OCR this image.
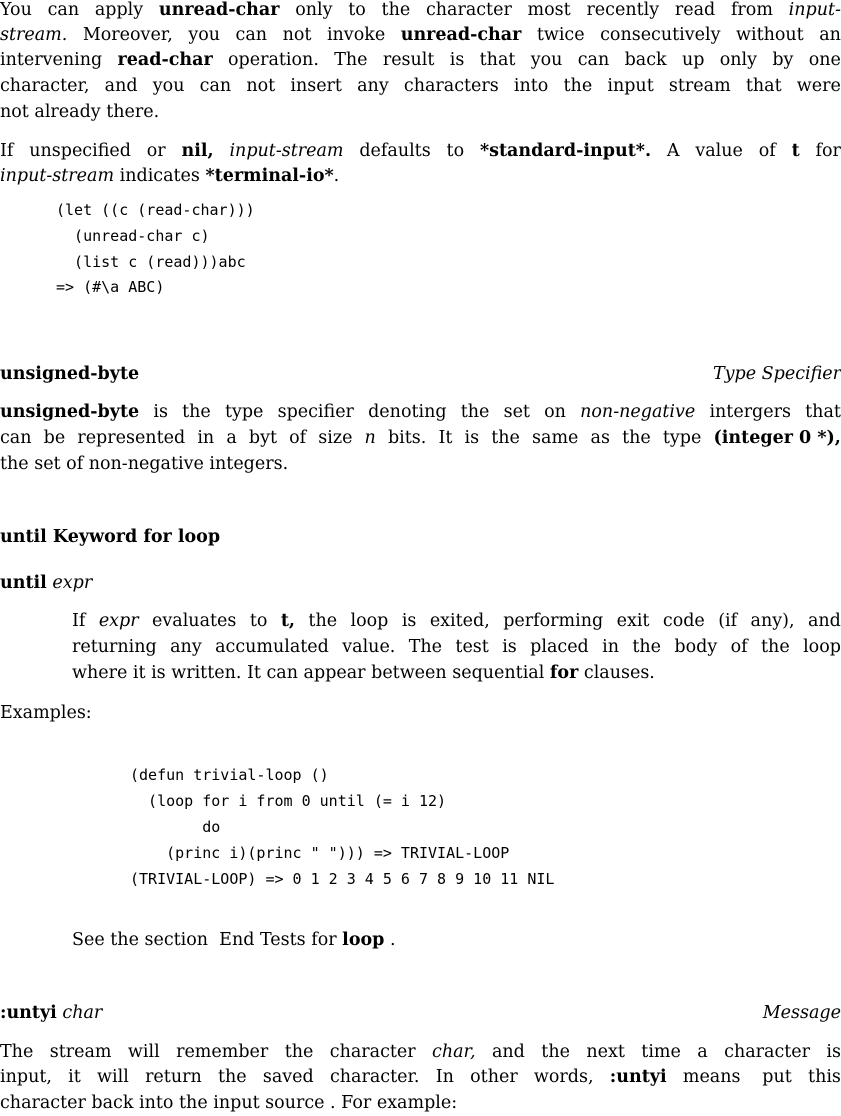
You can apply unread-char only to the character most recently read from input-
stream. Moreover, you can not invoke unread-char twice consecutively without an
intervening read-char operation. The result is that you can back up only by one
character, and you can not insert any characters into the input stream that were
not already there.
If unspecified or nil, input-stream defaults to *standard-input*. A value of t for
input-stream indicates *terminal-io*.
(let ((c (read-char)))
(unread-char c)
(list c (read)))abc
=> (#\a ABC)
unsigned-byte	Type Specifier
unsigned-byte is the type specifier denoting the set on non-negative intergers that
can be represented in a byt of size n bits. It is the same as the type (integer 0 *),
the set of non-negative integers.
until Keyword for loop
until expr
If expr evaluates to t, the loop is exited, performing exit code (if any), and
returning any accumulated value. The test is placed in the body of the loop
where it is written. It can appear between sequential for clauses.
Examples:
(defun trivial-loop ()
(loop for i from 0 until (= i 12)
do
(princ i)(princ " "))) => TRIVIAL-LOOP
(TRIVIAL-LOOP) => 0 1 2 3 4 5 6 7 8 9 10 11 NIL
See the section  End Tests for loop .
:untyi char	Message
The stream will remember the character char, and the next time a character is
input, it will return the saved character. In other words, :untyi means put this
character back into the input source . For example:
